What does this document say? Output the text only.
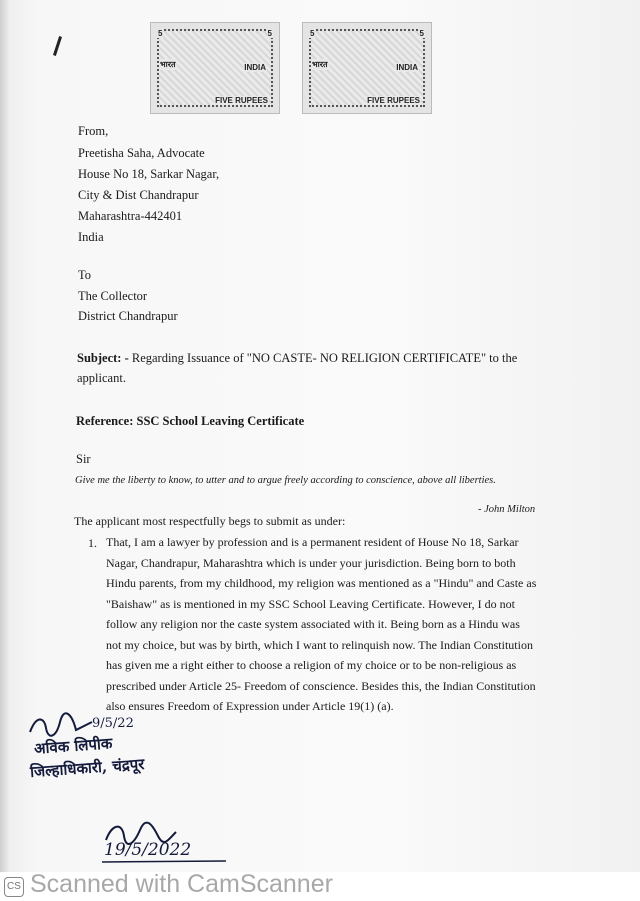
5	5
भारत	INDIA
FIVE RUPEES
5	5
भारत	INDIA
FIVE RUPEES
From,
Preetisha Saha, Advocate
House No 18, Sarkar Nagar,
City & Dist Chandrapur
Maharashtra-442401
India
To
The Collector
District Chandrapur
Subject: - Regarding Issuance of "NO CASTE- NO RELIGION CERTIFICATE" to the
applicant.
Reference: SSC School Leaving Certificate
Sir
Give me the liberty to know, to utter and to argue freely according to conscience, above all liberties.
- John Milton
The applicant most respectfully begs to submit as under:
1. That, I am a lawyer by profession and is a permanent resident of House No 18, Sarkar
Nagar, Chandrapur, Maharashtra which is under your jurisdiction. Being born to both
Hindu parents, from my childhood, my religion was mentioned as a "Hindu" and Caste as
"Baishaw" as is mentioned in my SSC School Leaving Certificate. However, I do not
follow any religion nor the caste system associated with it. Being born as a Hindu was
not my choice, but was by birth, which I want to relinquish now. The Indian Constitution
has given me a right either to choose a religion of my choice or to be non-religious as
prescribed under Article 25- Freedom of conscience. Besides this, the Indian Constitution
also ensures Freedom of Expression under Article 19(1) (a).
9/5/22
अविक लिपीक
जिल्हाधिकारी, चंद्रपूर
19/5/2022
CS Scanned with CamScanner
